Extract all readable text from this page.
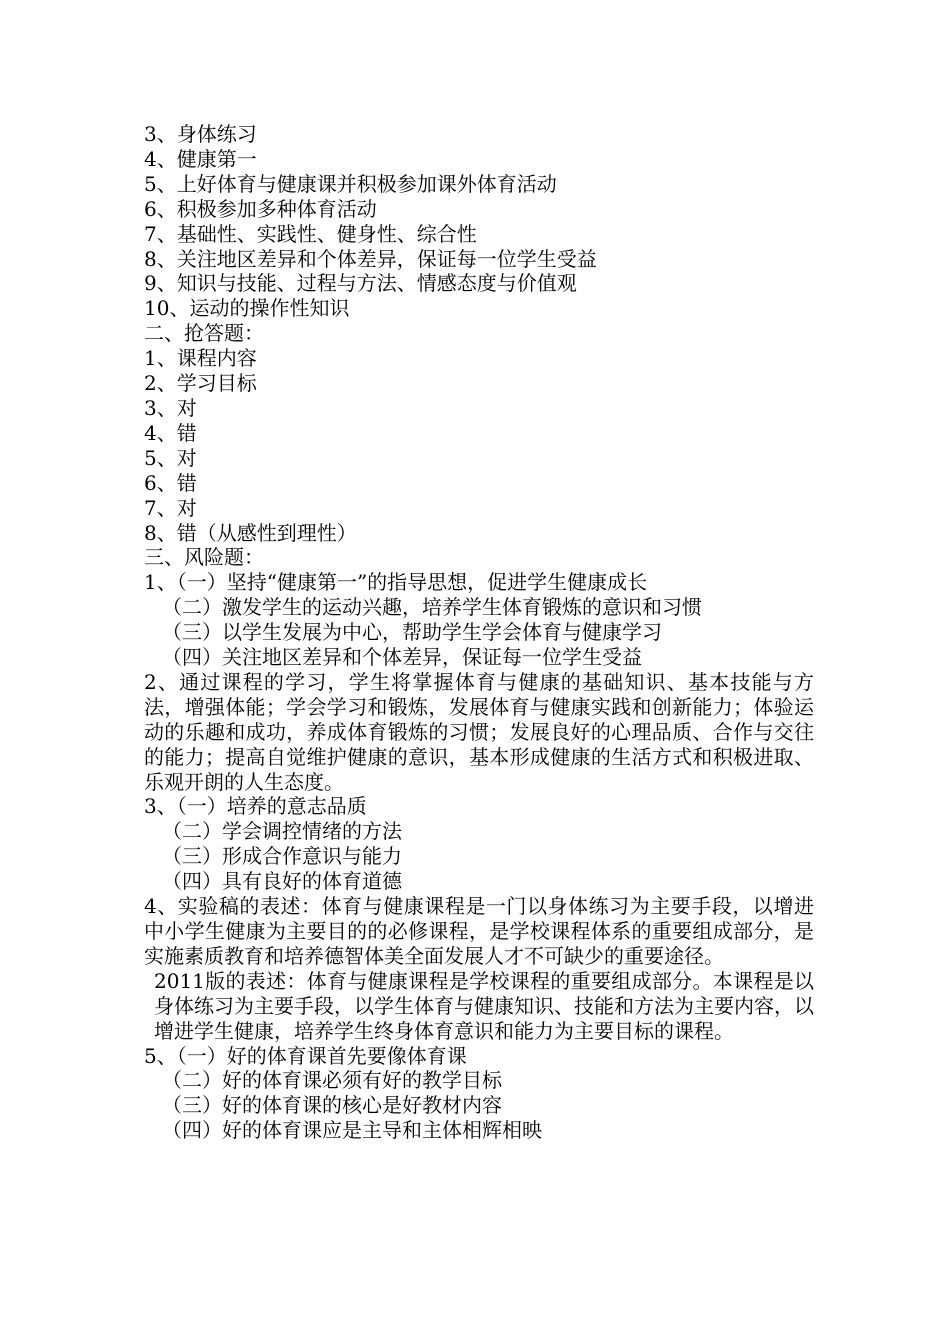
3、身体练习
4、健康第一
5、上好体育与健康课并积极参加课外体育活动
6、积极参加多种体育活动
7、基础性、实践性、健身性、综合性
8、关注地区差异和个体差异，保证每一位学生受益
9、知识与技能、过程与方法、情感态度与价值观
10、运动的操作性知识
二、抢答题：
1、课程内容
2、学习目标
3、对
4、错
5、对
6、错
7、对
8、错（从感性到理性）
三、风险题：
1、（一）坚持“健康第一”的指导思想，促进学生健康成长
（二）激发学生的运动兴趣，培养学生体育锻炼的意识和习惯
（三）以学生发展为中心，帮助学生学会体育与健康学习
（四）关注地区差异和个体差异，保证每一位学生受益
2、通过课程的学习，学生将掌握体育与健康的基础知识、基本技能与方法，增强体能；学会学习和锻炼，发展体育与健康实践和创新能力；体验运动的乐趣和成功，养成体育锻炼的习惯；发展良好的心理品质、合作与交往的能力；提高自觉维护健康的意识，基本形成健康的生活方式和积极进取、乐观开朗的人生态度。
3、（一）培养的意志品质
（二）学会调控情绪的方法
（三）形成合作意识与能力
（四）具有良好的体育道德
4、实验稿的表述：体育与健康课程是一门以身体练习为主要手段，以增进中小学生健康为主要目的的必修课程，是学校课程体系的重要组成部分，是实施素质教育和培养德智体美全面发展人才不可缺少的重要途径。
2011版的表述：体育与健康课程是学校课程的重要组成部分。本课程是以身体练习为主要手段，以学生体育与健康知识、技能和方法为主要内容，以增进学生健康，培养学生终身体育意识和能力为主要目标的课程。
5、（一）好的体育课首先要像体育课
（二）好的体育课必须有好的教学目标
（三）好的体育课的核心是好教材内容
（四）好的体育课应是主导和主体相辉相映
